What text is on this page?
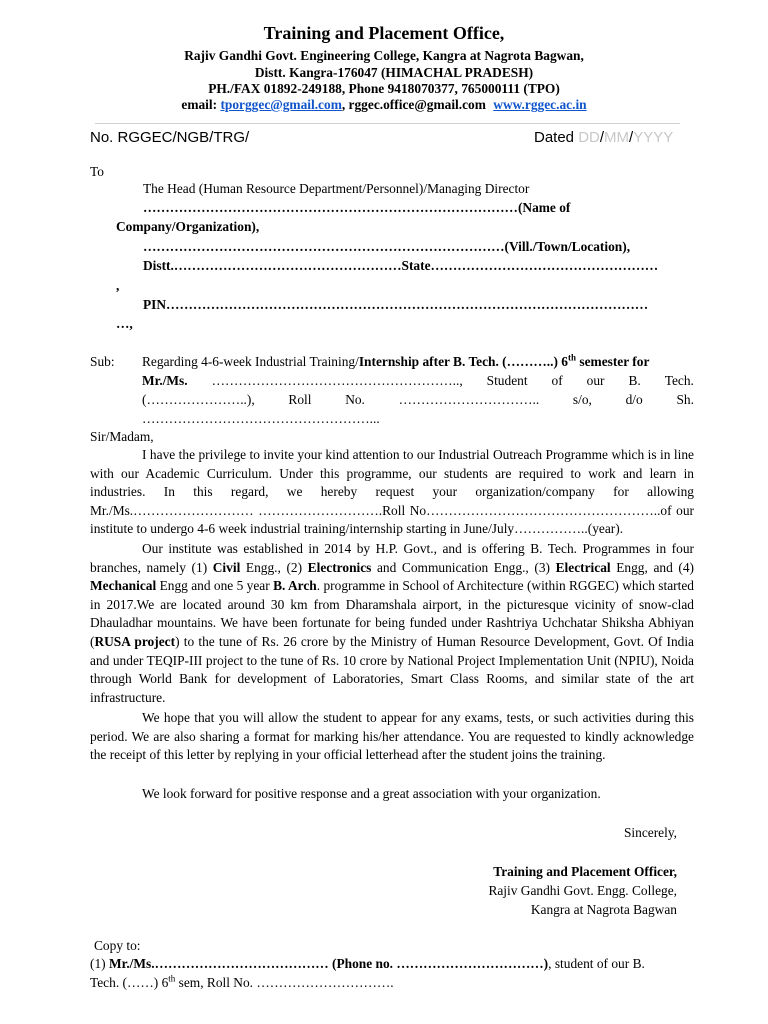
Training and Placement Office,
Rajiv Gandhi Govt. Engineering College, Kangra at Nagrota Bagwan,
Distt. Kangra-176047 (HIMACHAL PRADESH)
PH./FAX 01892-249188, Phone 9418070377, 765000111 (TPO)
email: tporggec@gmail.com, rggec.office@gmail.com www.rggec.ac.in
No. RGGEC/NGB/TRG/	Dated DD/MM/YYYY
To
The Head (Human Resource Department/Personnel)/Managing Director
…………………………………………………………………………(Name of
Company/Organization),
………………………………………………………………………(Vill./Town/Location),
Distt.……………………………………………State……………………………………………
,
PIN………………………………………………………………………………………………
…,
Sub: Regarding 4-6-week Industrial Training/Internship after B. Tech. (………..) 6th semester for
Mr./Ms. ……………………………………………….., Student of our B. Tech.
(…………………..),	Roll	No.	…………………………..	s/o,	d/o	Sh.
……………………………………………...
Sir/Madam,

I have the privilege to invite your kind attention to our Industrial Outreach Programme which is in line with our Academic Curriculum. Under this programme, our students are required to work and learn in industries. In this regard, we hereby request your organization/company for allowing Mr./Ms.……………………… ……………………….Roll No……………………………………………..of our institute to undergo 4-6 week industrial training/internship starting in June/July……………..(year).

Our institute was established in 2014 by H.P. Govt., and is offering B. Tech. Programmes in four branches, namely (1) Civil Engg., (2) Electronics and Communication Engg., (3) Electrical Engg, and (4) Mechanical Engg and one 5 year B. Arch. programme in School of Architecture (within RGGEC) which started in 2017.We are located around 30 km from Dharamshala airport, in the picturesque vicinity of snow-clad Dhauladhar mountains. We have been fortunate for being funded under Rashtriya Uchchatar Shiksha Abhiyan (RUSA project) to the tune of Rs. 26 crore by the Ministry of Human Resource Development, Govt. Of India and under TEQIP-III project to the tune of Rs. 10 crore by National Project Implementation Unit (NPIU), Noida through World Bank for development of Laboratories, Smart Class Rooms, and similar state of the art infrastructure.

We hope that you will allow the student to appear for any exams, tests, or such activities during this period. We are also sharing a format for marking his/her attendance. You are requested to kindly acknowledge the receipt of this letter by replying in your official letterhead after the student joins the training.

We look forward for positive response and a great association with your organization.

Sincerely,
Training and Placement Officer,
Rajiv Gandhi Govt. Engg. College,
Kangra at Nagrota Bagwan
Copy to:
(1) Mr./Ms.………………………………… (Phone no. ……………………………), student of our B.
Tech. (……) 6th sem, Roll No. ………………………….
